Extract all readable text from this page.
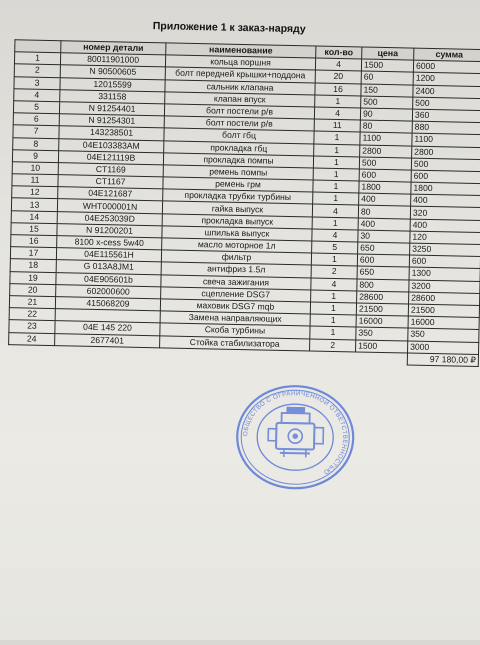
Приложение 1 к заказ-наряду
	номер детали	наименование	кол-во	цена	сумма
1	80011901000	кольца поршня	4	1500	6000
2	N 90500605	болт передней крышки+поддона	20	60	1200
3	12015599	сальник клапана	16	150	2400
4	331158	клапан впуск	1	500	500
5	N 91254401	болт постели р/в	4	90	360
6	N 91254301	болт постели р/в	11	80	880
7	143238501	болт гбц	1	1100	1100
8	04E103383AM	прокладка гбц	1	2800	2800
9	04E121119B	прокладка помпы	1	500	500
10	CT1169	ремень помпы	1	600	600
11	CT1167	ремень грм	1	1800	1800
12	04E121687	прокладка трубки турбины	1	400	400
13	WHT000001N	гайка выпуск	4	80	320
14	04E253039D	прокладка выпуск	1	400	400
15	N 91200201	шпилька выпуск	4	30	120
16	8100 x-cess 5w40	масло моторное 1л	5	650	3250
17	04E115561H	фильтр	1	600	600
18	G 013A8JM1	антифриз 1.5л	2	650	1300
19	04E905601b	свеча зажигания	4	800	3200
20	602000600	сцепление DSG7	1	28600	28600
21	415068209	маховик DSG7 mqb	1	21500	21500
22		Замена направляющих	1	16000	16000
23	04E 145 220	Скоба турбины	1	350	350
24	2677401	Стойка стабилизатора	2	1500	3000
					97 180,00 ₽
ОБЩЕСТВО С ОГРАНИЧЕННОЙ ОТВЕТСТВЕННОСТЬЮ
